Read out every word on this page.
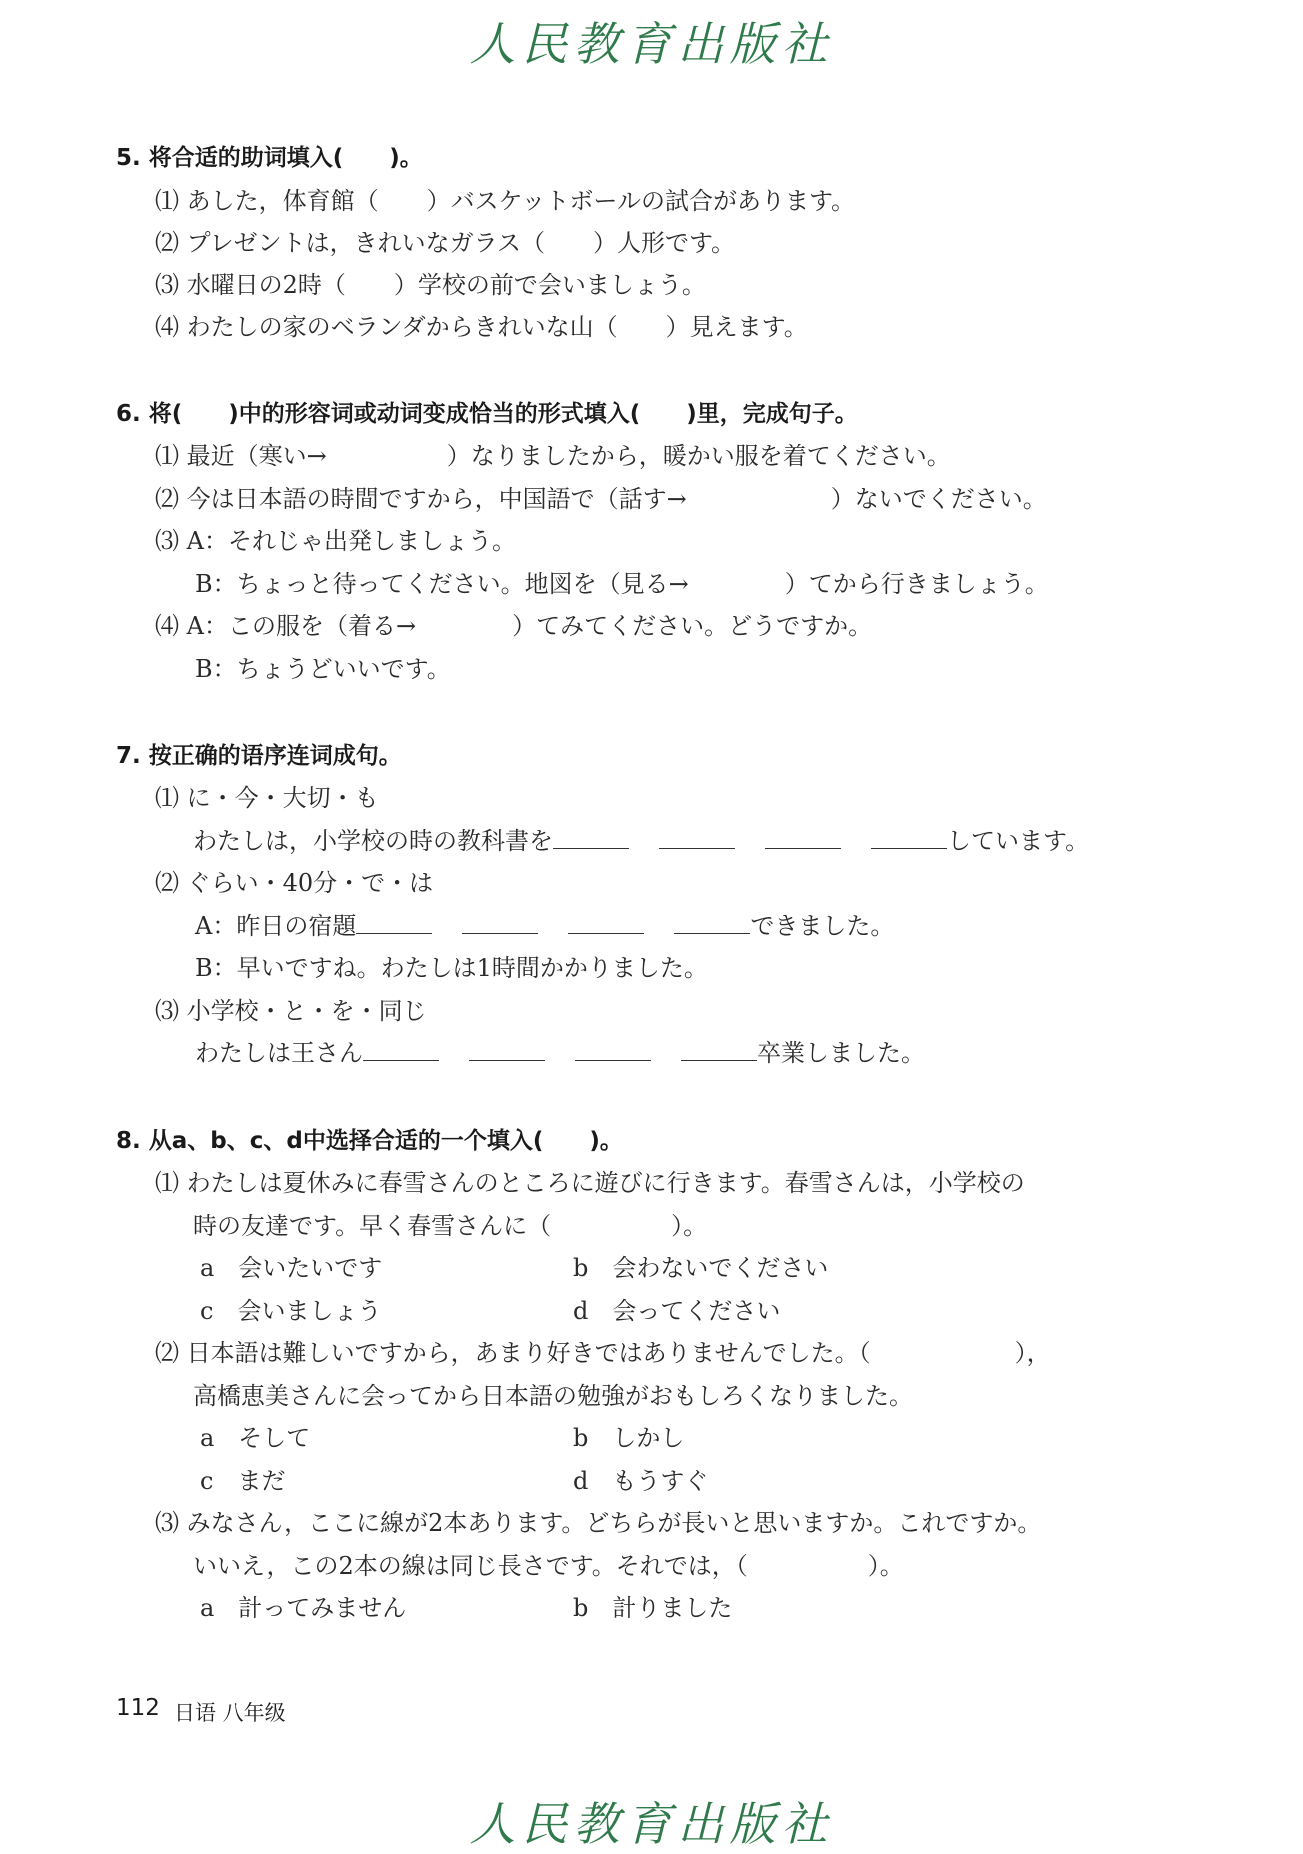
人民教育出版社
5. 将合适的助词填入(　　)。
⑴ あした，体育館（　　）バスケットボールの試合があります。
⑵ プレゼントは，きれいなガラス（　　）人形です。
⑶ 水曜日の2時（　　）学校の前で会いましょう。
⑷ わたしの家のベランダからきれいな山（　　）見えます。
6. 将(　　)中的形容词或动词变成恰当的形式填入(　　)里，完成句子。
⑴ 最近（寒い→　　　　　）なりましたから，暖かい服を着てください。
⑵ 今は日本語の時間ですから，中国語で（話す→　　　　　　）ないでください。
⑶ A：それじゃ出発しましょう。
B：ちょっと待ってください。地図を（見る→　　　　）てから行きましょう。
⑷ A：この服を（着る→　　　　）てみてください。どうですか。
B：ちょうどいいです。
7. 按正确的语序连词成句。
⑴ に・今・大切・も
わたしは，小学校の時の教科書を	しています。
⑵ ぐらい・40分・で・は
A：昨日の宿題	できました。
B：早いですね。わたしは1時間かかりました。
⑶ 小学校・と・を・同じ
わたしは王さん	卒業しました。
8. 从a、b、c、d中选择合适的一个填入(　　)。
⑴ わたしは夏休みに春雪さんのところに遊びに行きます。春雪さんは，小学校の
時の友達です。早く春雪さんに（　　　　　）。
a　会いたいです	b　会わないでください
c　会いましょう	d　会ってください
⑵ 日本語は難しいですから，あまり好きではありませんでした。（　　　　　　），
高橋恵美さんに会ってから日本語の勉強がおもしろくなりました。
a　そして	b　しかし
c　まだ	d　もうすぐ
⑶ みなさん，ここに線が2本あります。どちらが長いと思いますか。これですか。
いいえ，この2本の線は同じ長さです。それでは，（　　　　　）。
a　計ってみません	b　計りました
112 日语 八年级
人民教育出版社
